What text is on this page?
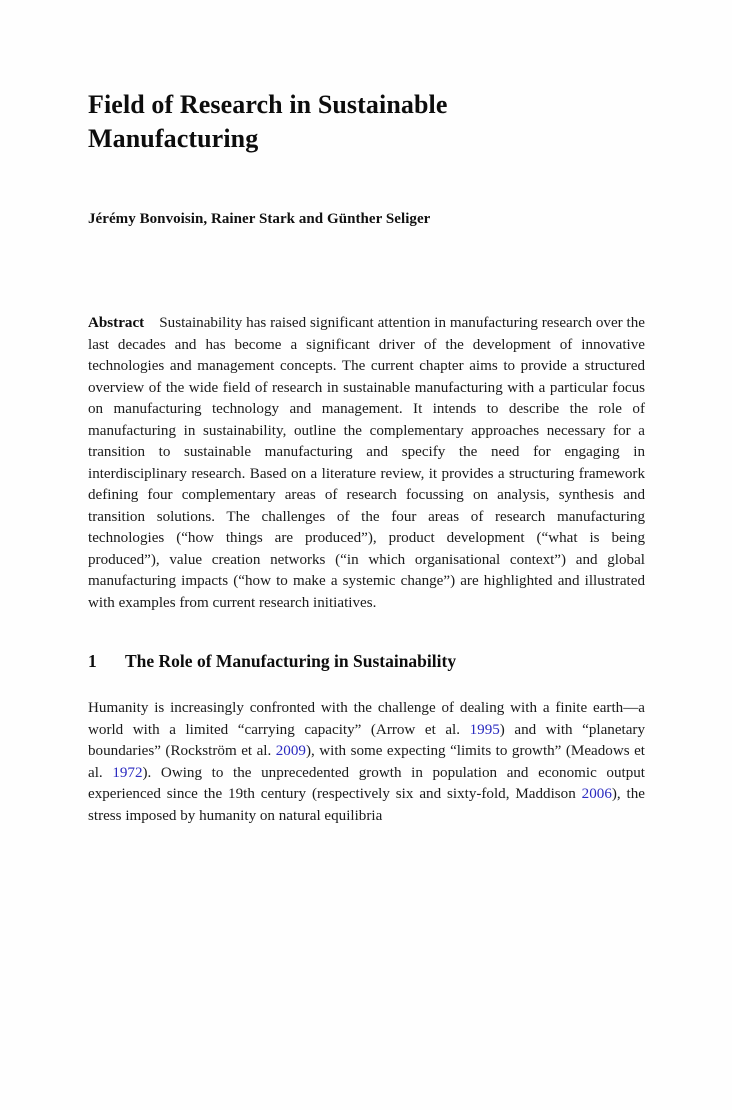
Field of Research in Sustainable
Manufacturing

Jérémy Bonvoisin, Rainer Stark and Günther Seliger

Abstract Sustainability has raised significant attention in manufacturing research over the last decades and has become a significant driver of the development of innovative technologies and management concepts. The current chapter aims to provide a structured overview of the wide field of research in sustainable manufacturing with a particular focus on manufacturing technology and management. It intends to describe the role of manufacturing in sustainability, outline the complementary approaches necessary for a transition to sustainable manufacturing and specify the need for engaging in interdisciplinary research. Based on a literature review, it provides a structuring framework defining four complementary areas of research focussing on analysis, synthesis and transition solutions. The challenges of the four areas of research manufacturing technologies (“how things are produced”), product development (“what is being produced”), value creation networks (“in which organisational context”) and global manufacturing impacts (“how to make a systemic change”) are highlighted and illustrated with examples from current research initiatives.

1	The Role of Manufacturing in Sustainability

Humanity is increasingly confronted with the challenge of dealing with a finite earth—a world with a limited “carrying capacity” (Arrow et al. 1995) and with “planetary boundaries” (Rockström et al. 2009), with some expecting “limits to growth” (Meadows et al. 1972). Owing to the unprecedented growth in population and economic output experienced since the 19th century (respectively six and sixty-fold, Maddison 2006), the stress imposed by humanity on natural equilibria
